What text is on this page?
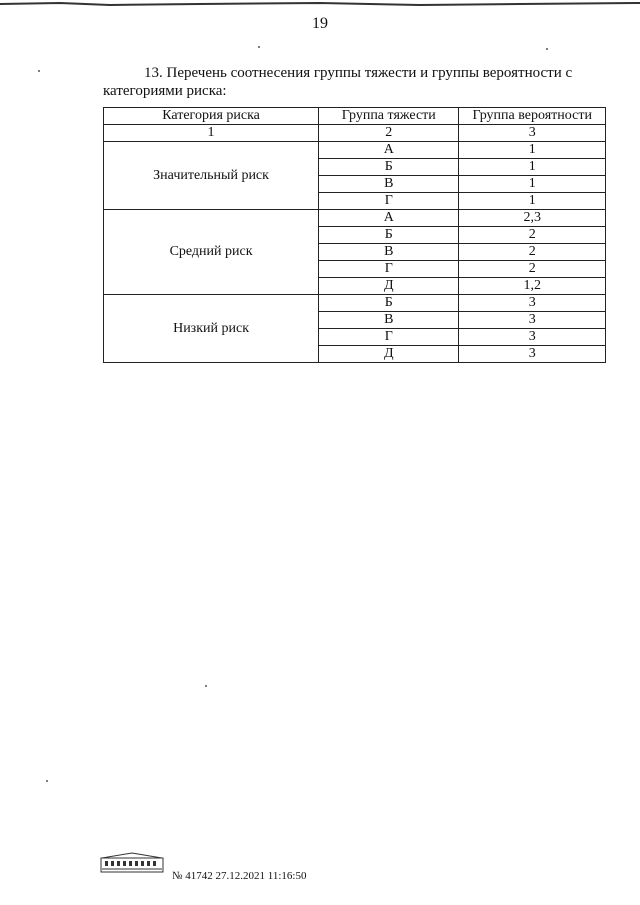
19
13. Перечень соотнесения группы тяжести и группы вероятности с категориями риска:
Категория риска	Группа тяжести	Группа вероятности
1	2	3
Значительный риск	А	1
	Б	1
	В	1
	Г	1
Средний риск	А	2,3
	Б	2
	В	2
	Г	2
	Д	1,2
Низкий риск	Б	3
	В	3
	Г	3
	Д	3
№ 41742 27.12.2021 11:16:50
